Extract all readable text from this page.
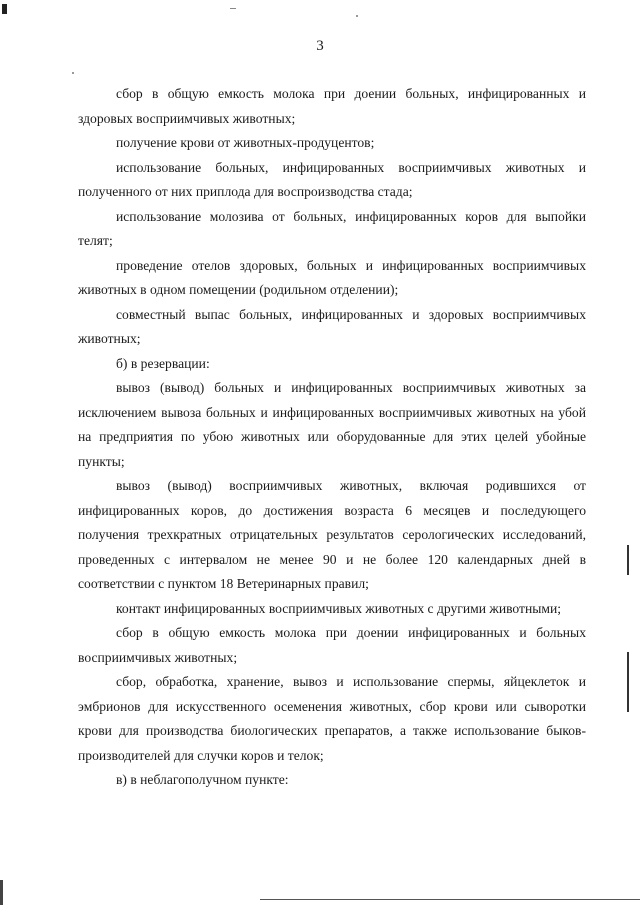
3

сбор в общую емкость молока при доении больных, инфицированных и здоровых восприимчивых животных;

получение крови от животных-продуцентов;

использование больных, инфицированных восприимчивых животных и полученного от них приплода для воспроизводства стада;

использование молозива от больных, инфицированных коров для выпойки телят;

проведение отелов здоровых, больных и инфицированных восприимчивых животных в одном помещении (родильном отделении);

совместный выпас больных, инфицированных и здоровых восприимчивых животных;

б) в резервации:

вывоз (вывод) больных и инфицированных восприимчивых животных за исключением вывоза больных и инфицированных восприимчивых животных на убой на предприятия по убою животных или оборудованные для этих целей убойные пункты;

вывоз (вывод) восприимчивых животных, включая родившихся от инфицированных коров, до достижения возраста 6 месяцев и последующего получения трехкратных отрицательных результатов серологических исследований, проведенных с интервалом не менее 90 и не более 120 календарных дней в соответствии с пунктом 18 Ветеринарных правил;

контакт инфицированных восприимчивых животных с другими животными;

сбор в общую емкость молока при доении инфицированных и больных восприимчивых животных;

сбор, обработка, хранение, вывоз и использование спермы, яйцеклеток и эмбрионов для искусственного осеменения животных, сбор крови или сыворотки крови для производства биологических препаратов, а также использование быков-производителей для случки коров и телок;

в) в неблагополучном пункте:
